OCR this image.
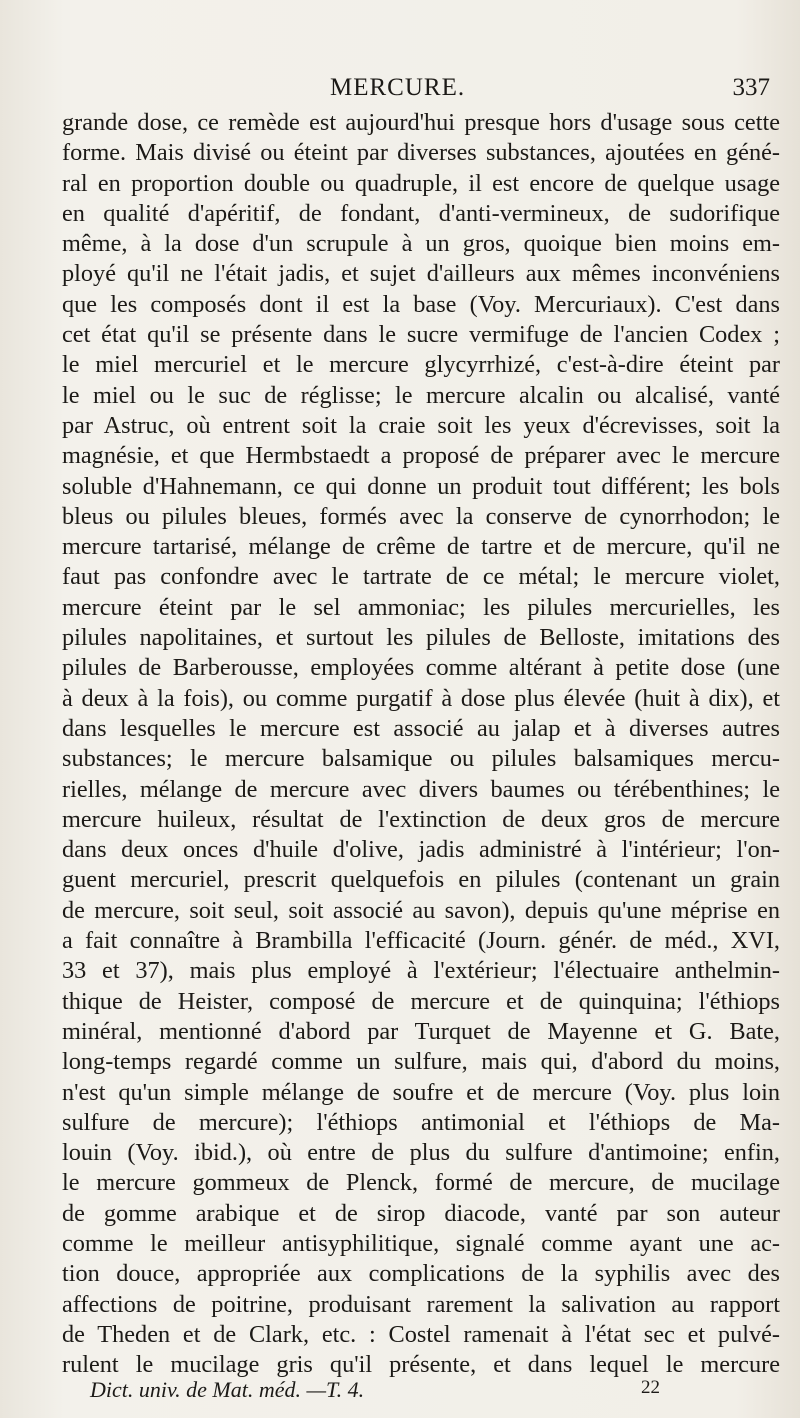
MERCURE.	337
grande dose, ce remède est aujourd'hui presque hors d'usage sous cette
forme. Mais divisé ou éteint par diverses substances, ajoutées en géné-
ral en proportion double ou quadruple, il est encore de quelque usage
en qualité d'apéritif, de fondant, d'anti-vermineux, de sudorifique
même, à la dose d'un scrupule à un gros, quoique bien moins em-
ployé qu'il ne l'était jadis, et sujet d'ailleurs aux mêmes inconvéniens
que les composés dont il est la base (Voy. Mercuriaux). C'est dans
cet état qu'il se présente dans le sucre vermifuge de l'ancien Codex ;
le miel mercuriel et le mercure glycyrrhizé, c'est-à-dire éteint par
le miel ou le suc de réglisse; le mercure alcalin ou alcalisé, vanté
par Astruc, où entrent soit la craie soit les yeux d'écrevisses, soit la
magnésie, et que Hermbstaedt a proposé de préparer avec le mercure
soluble d'Hahnemann, ce qui donne un produit tout différent; les bols
bleus ou pilules bleues, formés avec la conserve de cynorrhodon; le
mercure tartarisé, mélange de crême de tartre et de mercure, qu'il ne
faut pas confondre avec le tartrate de ce métal; le mercure violet,
mercure éteint par le sel ammoniac; les pilules mercurielles, les
pilules napolitaines, et surtout les pilules de Belloste, imitations des
pilules de Barberousse, employées comme altérant à petite dose (une
à deux à la fois), ou comme purgatif à dose plus élevée (huit à dix), et
dans lesquelles le mercure est associé au jalap et à diverses autres
substances; le mercure balsamique ou pilules balsamiques mercu-
rielles, mélange de mercure avec divers baumes ou térébenthines; le
mercure huileux, résultat de l'extinction de deux gros de mercure
dans deux onces d'huile d'olive, jadis administré à l'intérieur; l'on-
guent mercuriel, prescrit quelquefois en pilules (contenant un grain
de mercure, soit seul, soit associé au savon), depuis qu'une méprise en
a fait connaître à Brambilla l'efficacité (Journ. génér. de méd., XVI,
33 et 37), mais plus employé à l'extérieur; l'électuaire anthelmin-
thique de Heister, composé de mercure et de quinquina; l'éthiops
minéral, mentionné d'abord par Turquet de Mayenne et G. Bate,
long-temps regardé comme un sulfure, mais qui, d'abord du moins,
n'est qu'un simple mélange de soufre et de mercure (Voy. plus loin
sulfure de mercure); l'éthiops antimonial et l'éthiops de Ma-
louin (Voy. ibid.), où entre de plus du sulfure d'antimoine; enfin,
le mercure gommeux de Plenck, formé de mercure, de mucilage
de gomme arabique et de sirop diacode, vanté par son auteur
comme le meilleur antisyphilitique, signalé comme ayant une ac-
tion douce, appropriée aux complications de la syphilis avec des
affections de poitrine, produisant rarement la salivation au rapport
de Theden et de Clark, etc. : Costel ramenait à l'état sec et pulvé-
rulent le mucilage gris qu'il présente, et dans lequel le mercure
Dict. univ. de Mat. méd. —T. 4.	22
